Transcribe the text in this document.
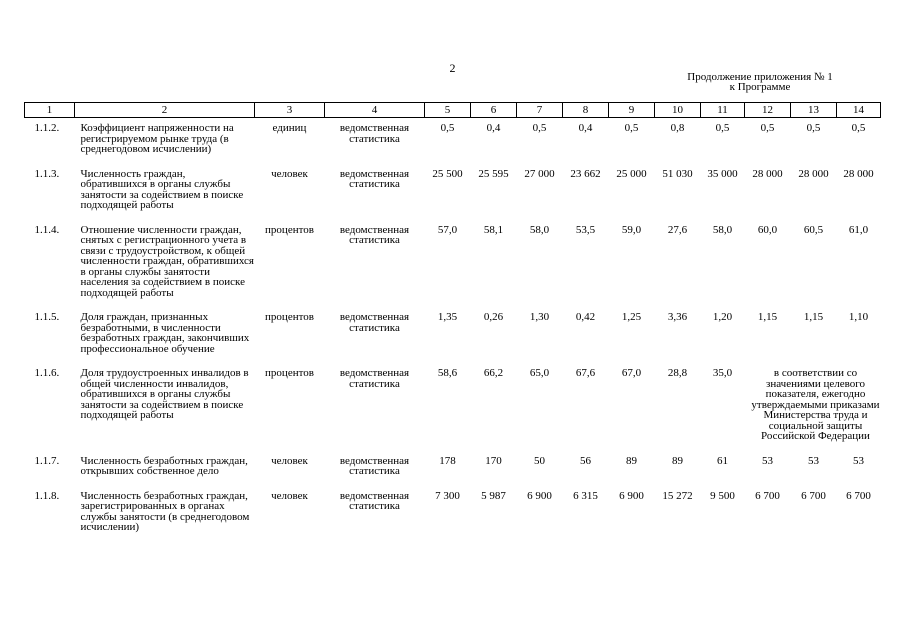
2
Продолжение приложения № 1
к Программе
1	2	3	4	5	6	7	8	9	10	11	12	13	14
1.1.2.	Коэффициент напряженности на регистрируемом рынке труда (в среднегодовом исчислении)	единиц	ведомственная статистика	0,5	0,4	0,5	0,4	0,5	0,8	0,5	0,5	0,5	0,5
1.1.3.	Численность граждан, обратившихся в органы службы занятости за содействием в поиске подходящей работы	человек	ведомственная статистика	25 500	25 595	27 000	23 662	25 000	51 030	35 000	28 000	28 000	28 000
1.1.4.	Отношение численности граждан, снятых с регистрационного учета в связи с трудоустройством, к общей численности граждан, обратившихся в органы службы занятости населения за содействием в поиске подходящей работы	процентов	ведомственная статистика	57,0	58,1	58,0	53,5	59,0	27,6	58,0	60,0	60,5	61,0
1.1.5.	Доля граждан, признанных безработными, в численности безработных граждан, закончивших профессиональное обучение	процентов	ведомственная статистика	1,35	0,26	1,30	0,42	1,25	3,36	1,20	1,15	1,15	1,10
1.1.6.	Доля трудоустроенных инвалидов в общей численности инвалидов, обратившихся в органы службы занятости за содействием в поиске подходящей работы	процентов	ведомственная статистика	58,6	66,2	65,0	67,6	67,0	28,8	35,0	в соответствии со значениями целевого показателя, ежегодно утверждаемыми приказами Министерства труда и социальной защиты Российской Федерации		
1.1.7.	Численность безработных граждан, открывших собственное дело	человек	ведомственная статистика	178	170	50	56	89	89	61	53	53	53
1.1.8.	Численность безработных граждан, зарегистрированных в органах службы занятости (в среднегодовом исчислении)	человек	ведомственная статистика	7 300	5 987	6 900	6 315	6 900	15 272	9 500	6 700	6 700	6 700
